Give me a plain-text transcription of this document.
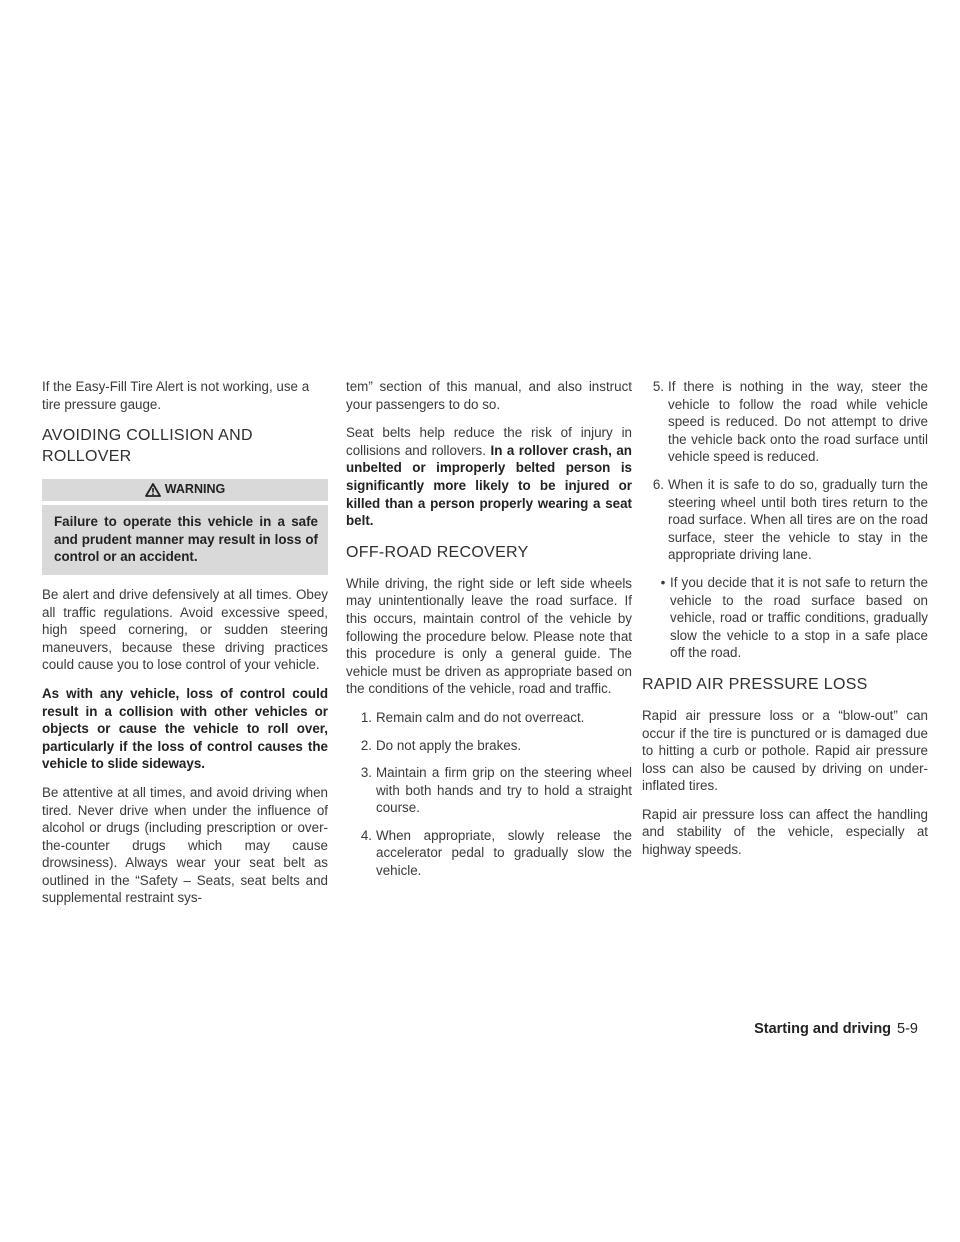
If the Easy-Fill Tire Alert is not working, use a tire pressure gauge.

AVOIDING COLLISION AND
ROLLOVER
WARNING

Failure to operate this vehicle in a safe and prudent manner may result in loss of control or an accident.

Be alert and drive defensively at all times. Obey all traffic regulations. Avoid excessive speed, high speed cornering, or sudden steering maneuvers, because these driving practices could cause you to lose control of your vehicle.

As with any vehicle, loss of control could result in a collision with other vehicles or objects or cause the vehicle to roll over, particularly if the loss of control causes the vehicle to slide sideways.

Be attentive at all times, and avoid driving when tired. Never drive when under the influence of alcohol or drugs (including prescription or over-the-counter drugs which may cause drowsiness). Always wear your seat belt as outlined in the “Safety – Seats, seat belts and supplemental restraint sys-

tem” section of this manual, and also instruct your passengers to do so.

Seat belts help reduce the risk of injury in collisions and rollovers. In a rollover crash, an unbelted or improperly belted person is significantly more likely to be injured or killed than a person properly wearing a seat belt.

OFF-ROAD RECOVERY

While driving, the right side or left side wheels may unintentionally leave the road surface. If this occurs, maintain control of the vehicle by following the procedure below. Please note that this procedure is only a general guide. The vehicle must be driven as appropriate based on the conditions of the vehicle, road and traffic.

1. Remain calm and do not overreact.
2. Do not apply the brakes.
3. Maintain a firm grip on the steering wheel with both hands and try to hold a straight course.
4. When appropriate, slowly release the accelerator pedal to gradually slow the vehicle.
5. If there is nothing in the way, steer the vehicle to follow the road while vehicle speed is reduced. Do not attempt to drive the vehicle back onto the road surface until vehicle speed is reduced.
6. When it is safe to do so, gradually turn the steering wheel until both tires return to the road surface. When all tires are on the road surface, steer the vehicle to stay in the appropriate driving lane.
• If you decide that it is not safe to return the vehicle to the road surface based on vehicle, road or traffic conditions, gradually slow the vehicle to a stop in a safe place off the road.
RAPID AIR PRESSURE LOSS

Rapid air pressure loss or a “blow-out” can occur if the tire is punctured or is damaged due to hitting a curb or pothole. Rapid air pressure loss can also be caused by driving on under-inflated tires.

Rapid air pressure loss can affect the handling and stability of the vehicle, especially at highway speeds.

Starting and driving 5-9
